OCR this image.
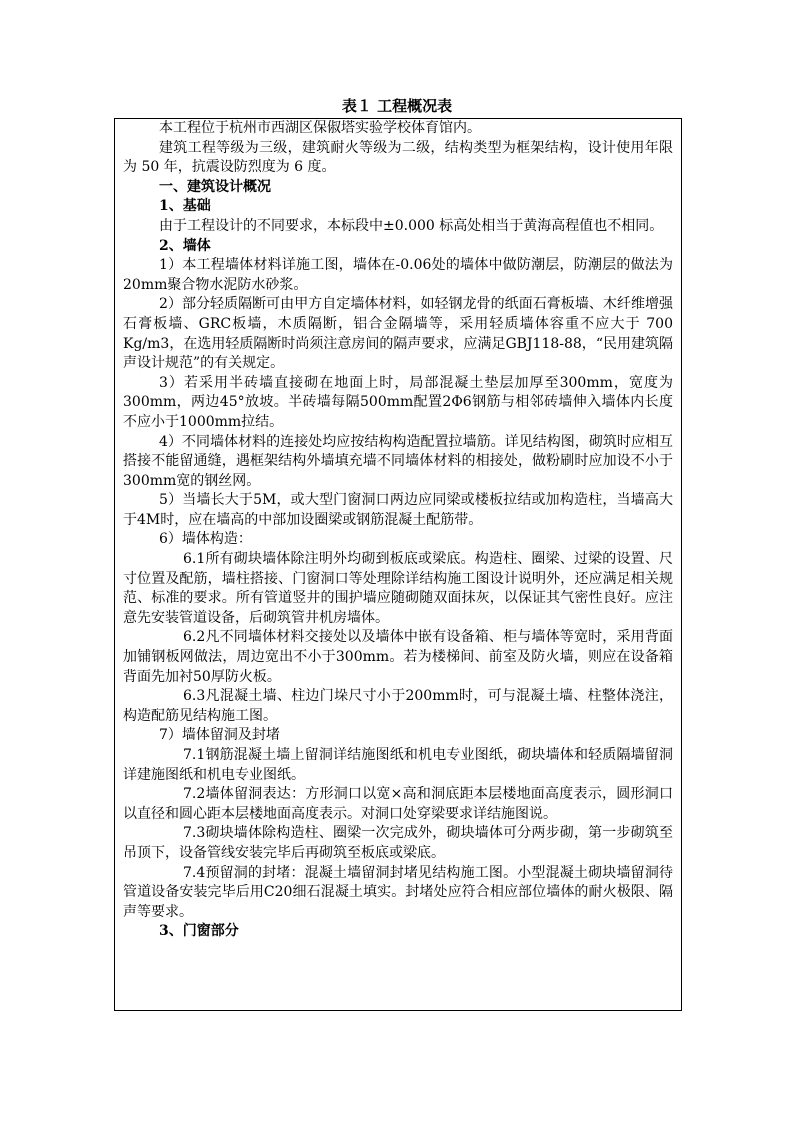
表１ 工程概况表

本工程位于杭州市西湖区保俶塔实验学校体育馆内。

建筑工程等级为三级，建筑耐火等级为二级，结构类型为框架结构，设计使用年限为 50 年，抗震设防烈度为 6 度。

一、建筑设计概况

1、基础

由于工程设计的不同要求，本标段中±0.000 标高处相当于黄海高程值也不相同。

2、墙体

1）本工程墙体材料详施工图，墙体在-0.06处的墙体中做防潮层，防潮层的做法为20mm聚合物水泥防水砂浆。

2）部分轻质隔断可由甲方自定墙体材料，如轻钢龙骨的纸面石膏板墙、木纤维增强石膏板墙、GRC板墙，木质隔断，铝合金隔墙等，采用轻质墙体容重不应大于 700 Kg/m3，在选用轻质隔断时尚须注意房间的隔声要求，应满足GBJ118-88，“民用建筑隔声设计规范”的有关规定。

3）若采用半砖墙直接砌在地面上时，局部混凝土垫层加厚至300mm，宽度为300mm，两边45°放坡。半砖墙每隔500mm配置2Φ6钢筋与相邻砖墙伸入墙体内长度不应小于1000mm拉结。

4）不同墙体材料的连接处均应按结构构造配置拉墙筋。详见结构图，砌筑时应相互搭接不能留通缝，遇框架结构外墙填充墙不同墙体材料的相接处，做粉刷时应加设不小于300mm宽的钢丝网。

5）当墙长大于5M，或大型门窗洞口两边应同梁或楼板拉结或加构造柱，当墙高大于4M时，应在墙高的中部加设圈梁或钢筋混凝土配筋带。

6）墙体构造：

6.1所有砌块墙体除注明外均砌到板底或梁底。构造柱、圈梁、过梁的设置、尺寸位置及配筋，墙柱搭接、门窗洞口等处理除详结构施工图设计说明外，还应满足相关规范、标准的要求。所有管道竖井的围护墙应随砌随双面抹灰，以保证其气密性良好。应注意先安装管道设备，后砌筑管井机房墙体。

6.2凡不同墙体材料交接处以及墙体中嵌有设备箱、柜与墙体等宽时，采用背面加铺钢板网做法，周边宽出不小于300mm。若为楼梯间、前室及防火墙，则应在设备箱背面先加衬50厚防火板。

6.3凡混凝土墙、柱边门垛尺寸小于200mm时，可与混凝土墙、柱整体浇注，构造配筋见结构施工图。

7）墙体留洞及封堵

7.1钢筋混凝土墙上留洞详结施图纸和机电专业图纸，砌块墙体和轻质隔墙留洞详建施图纸和机电专业图纸。

7.2墙体留洞表达：方形洞口以宽×高和洞底距本层楼地面高度表示，圆形洞口以直径和圆心距本层楼地面高度表示。对洞口处穿梁要求详结施图说。

7.3砌块墙体除构造柱、圈梁一次完成外，砌块墙体可分两步砌，第一步砌筑至吊顶下，设备管线安装完毕后再砌筑至板底或梁底。

7.4预留洞的封堵：混凝土墙留洞封堵见结构施工图。小型混凝土砌块墙留洞待管道设备安装完毕后用C20细石混凝土填实。封堵处应符合相应部位墙体的耐火极限、隔声等要求。

3、门窗部分
